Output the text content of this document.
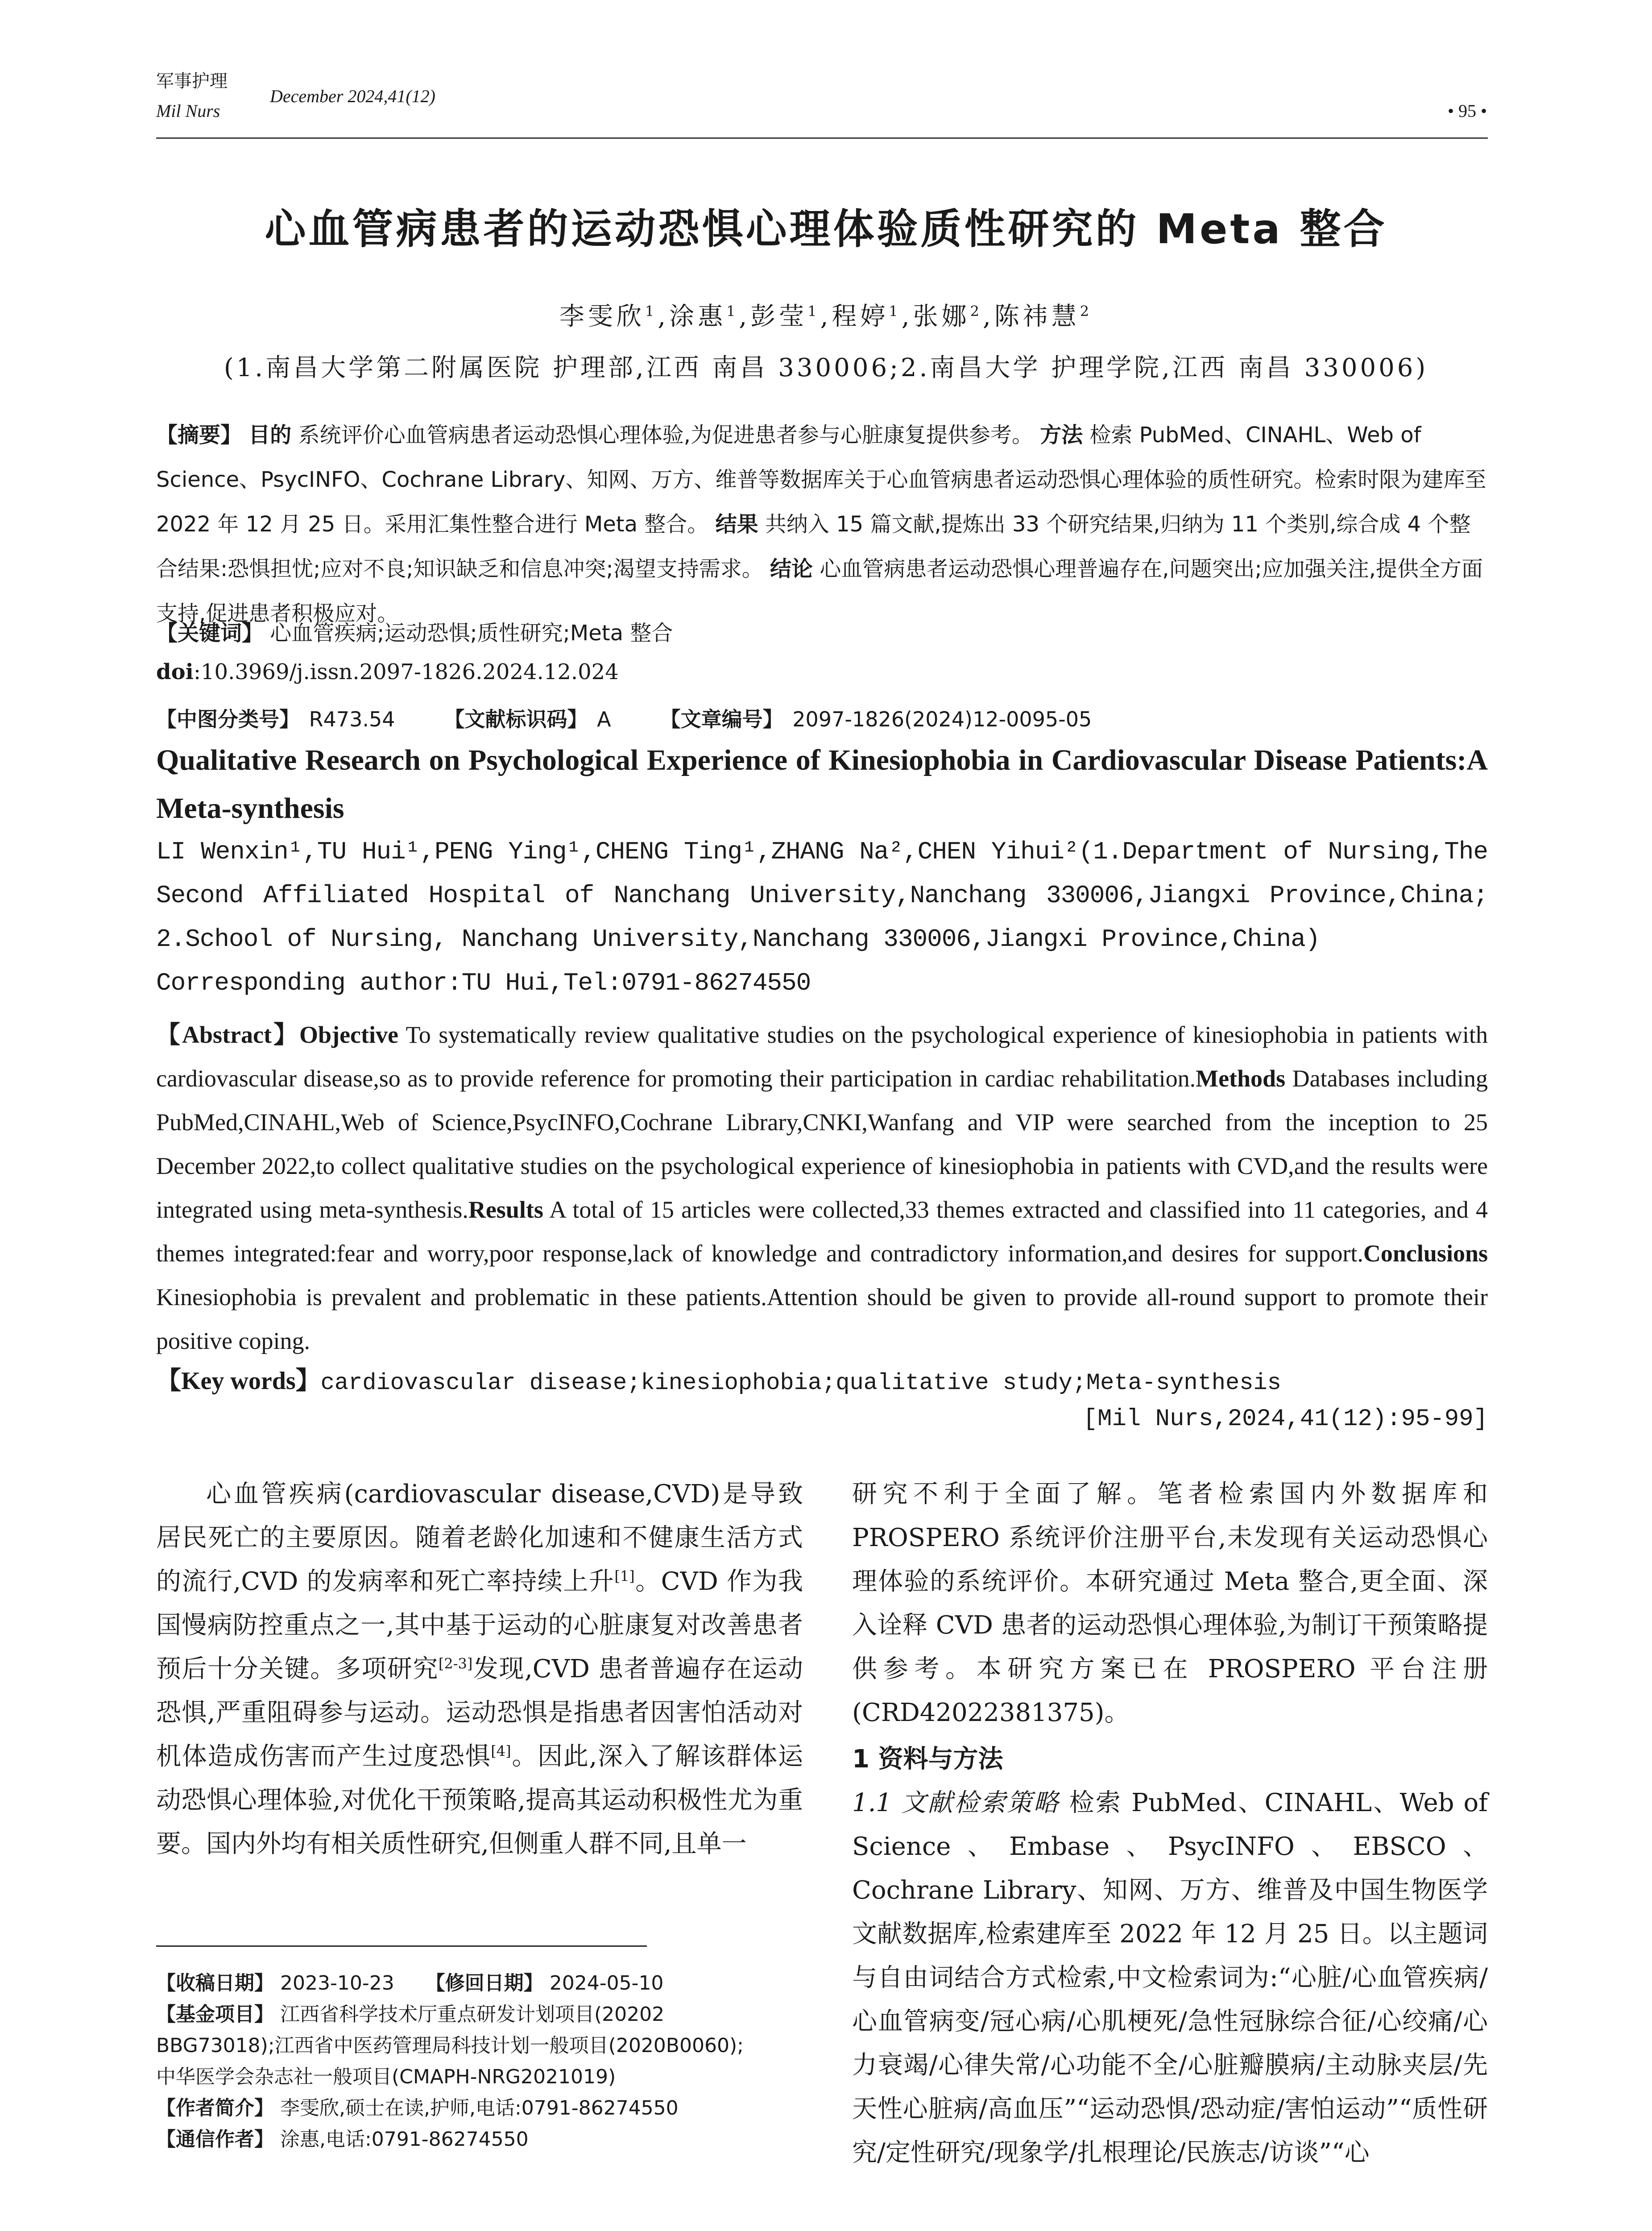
军事护理
December 2024,41(12)
Mil Nurs	• 95 •
心血管病患者的运动恐惧心理体验质性研究的 Meta 整合
李雯欣$^1$,涂惠$^1$,彭莹$^1$,程婷$^1$,张娜$^2$,陈祎慧$^2$
(1.南昌大学第二附属医院 护理部,江西 南昌 330006;2.南昌大学 护理学院,江西 南昌 330006)
【摘要】 目的 系统评价心血管病患者运动恐惧心理体验,为促进患者参与心脏康复提供参考。 方法 检索 PubMed、CINAHL、Web of Science、PsycINFO、Cochrane Library、知网、万方、维普等数据库关于心血管病患者运动恐惧心理体验的质性研究。检索时限为建库至 2022 年 12 月 25 日。采用汇集性整合进行 Meta 整合。 结果 共纳入 15 篇文献,提炼出 33 个研究结果,归纳为 11 个类别,综合成 4 个整合结果:恐惧担忧;应对不良;知识缺乏和信息冲突;渴望支持需求。 结论 心血管病患者运动恐惧心理普遍存在,问题突出;应加强关注,提供全方面支持,促进患者积极应对。
【关键词】 心血管疾病;运动恐惧;质性研究;Meta 整合
doi:10.3969/j.issn.2097-1826.2024.12.024
【中图分类号】 R473.54 【文献标识码】 A 【文章编号】 2097-1826(2024)12-0095-05
Qualitative Research on Psychological Experience of Kinesiophobia in Cardiovascular Disease Patients:A Meta-synthesis
LI Wenxin¹,TU Hui¹,PENG Ying¹,CHENG Ting¹,ZHANG Na²,CHEN Yihui²(1.Department of Nursing,The Second Affiliated Hospital of Nanchang University,Nanchang 330006,Jiangxi Province,China; 2.School of Nursing, Nanchang University,Nanchang 330006,Jiangxi Province,China)
Corresponding author:TU Hui,Tel:0791-86274550
【Abstract】Objective To systematically review qualitative studies on the psychological experience of kinesiophobia in patients with cardiovascular disease,so as to provide reference for promoting their participation in cardiac rehabilitation.Methods Databases including PubMed,CINAHL,Web of Science,PsycINFO,Cochrane Library,CNKI,Wanfang and VIP were searched from the inception to 25 December 2022,to collect qualitative studies on the psychological experience of kinesiophobia in patients with CVD,and the results were integrated using meta-synthesis.Results A total of 15 articles were collected,33 themes extracted and classified into 11 categories, and 4 themes integrated:fear and worry,poor response,lack of knowledge and contradictory information,and desires for support.Conclusions Kinesiophobia is prevalent and problematic in these patients.Attention should be given to provide all-round support to promote their positive coping.
【Key words】cardiovascular disease;kinesiophobia;qualitative study;Meta-synthesis
[Mil Nurs,2024,41(12):95-99]

心血管疾病(cardiovascular disease,CVD)是导致居民死亡的主要原因。随着老龄化加速和不健康生活方式的流行,CVD 的发病率和死亡率持续上升[1]。CVD 作为我国慢病防控重点之一,其中基于运动的心脏康复对改善患者预后十分关键。多项研究[2-3]发现,CVD 患者普遍存在运动恐惧,严重阻碍参与运动。运动恐惧是指患者因害怕活动对机体造成伤害而产生过度恐惧[4]。因此,深入了解该群体运动恐惧心理体验,对优化干预策略,提高其运动积极性尤为重要。国内外均有相关质性研究,但侧重人群不同,且单一

研究不利于全面了解。笔者检索国内外数据库和 PROSPERO 系统评价注册平台,未发现有关运动恐惧心理体验的系统评价。本研究通过 Meta 整合,更全面、深入诠释 CVD 患者的运动恐惧心理体验,为制订干预策略提供参考。本研究方案已在 PROSPERO 平台注册(CRD42022381375)。

1 资料与方法

1.1 文献检索策略 检索 PubMed、CINAHL、Web of Science、Embase、PsycINFO、EBSCO、Cochrane Library、知网、万方、维普及中国生物医学文献数据库,检索建库至 2022 年 12 月 25 日。以主题词与自由词结合方式检索,中文检索词为:“心脏/心血管疾病/心血管病变/冠心病/心肌梗死/急性冠脉综合征/心绞痛/心力衰竭/心律失常/心功能不全/心脏瓣膜病/主动脉夹层/先天性心脏病/高血压”“运动恐惧/恐动症/害怕运动”“质性研究/定性研究/现象学/扎根理论/民族志/访谈”“心

【收稿日期】 2023-10-23 【修回日期】 2024-05-10
【基金项目】 江西省科学技术厅重点研发计划项目(20202
BBG73018);江西省中医药管理局科技计划一般项目(2020B0060);
中华医学会杂志社一般项目(CMAPH-NRG2021019)
【作者简介】 李雯欣,硕士在读,护师,电话:0791-86274550
【通信作者】 涂惠,电话:0791-86274550
